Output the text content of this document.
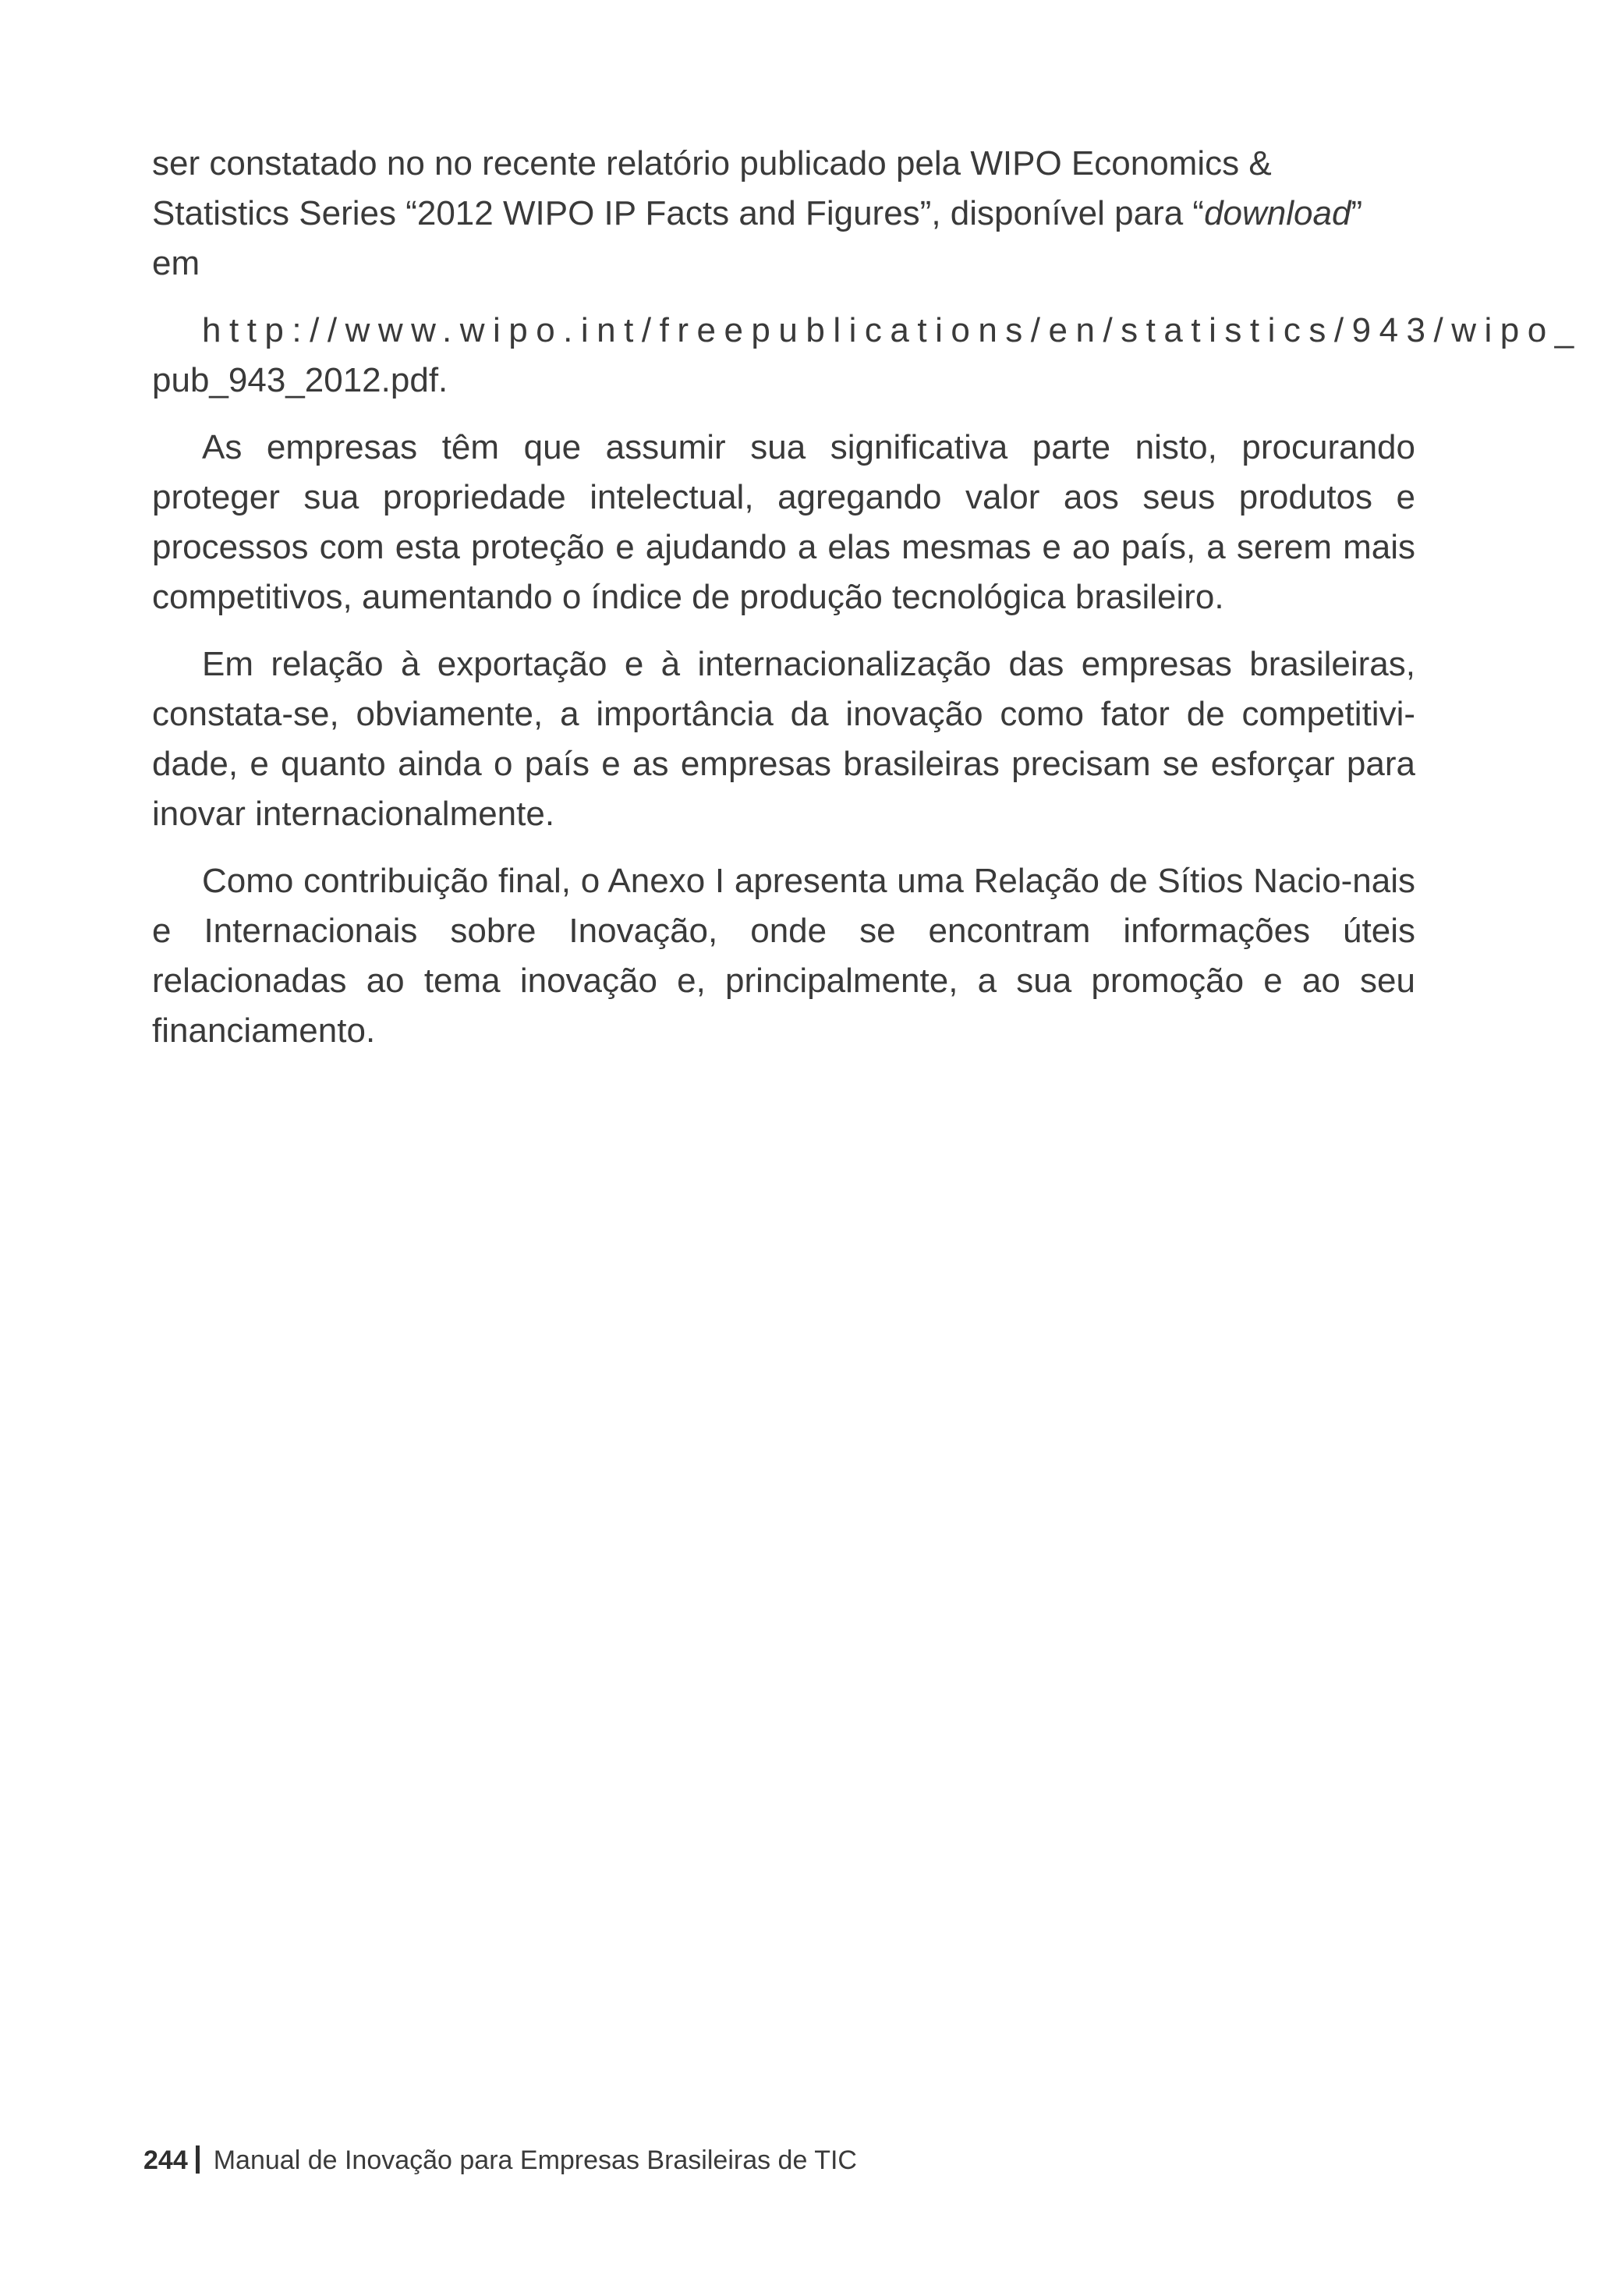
ser constatado no no recente relatório publicado pela WIPO Economics & Statistics Series “2012 WIPO IP Facts and Figures”, disponível para “download” em

http://www.wipo.int/freepublications/en/statistics/943/wipo_
pub_943_2012.pdf.

As empresas têm que assumir sua significativa parte nisto, procurando proteger sua propriedade intelectual, agregando valor aos seus produtos e processos com esta proteção e ajudando a elas mesmas e ao país, a serem mais competitivos, aumentando o índice de produção tecnológica brasileiro.

Em relação à exportação e à internacionalização das empresas brasileiras, constata-se, obviamente, a importância da inovação como fator de competitivi-dade, e quanto ainda o país e as empresas brasileiras precisam se esforçar para inovar internacionalmente.

Como contribuição final, o Anexo I apresenta uma Relação de Sítios Nacio-nais e Internacionais sobre Inovação, onde se encontram informações úteis relacionadas ao tema inovação e, principalmente, a sua promoção e ao seu financiamento.

244 Manual de Inovação para Empresas Brasileiras de TIC
